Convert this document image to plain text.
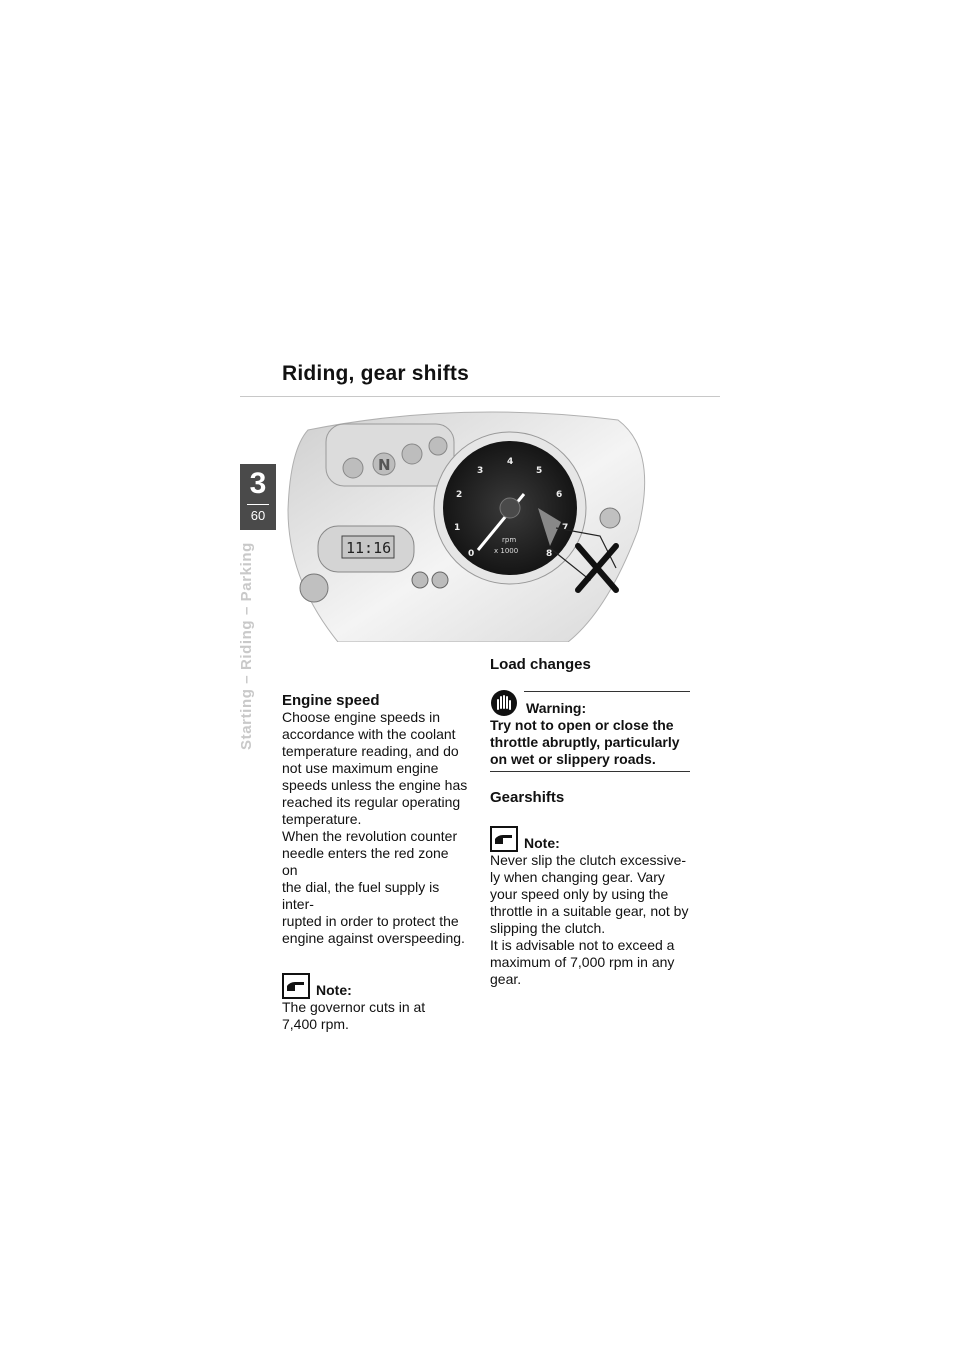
Riding, gear shifts
3
60
Starting – Riding – Parking
N
11:16	0
1
2
3
4
5
6
7
8
rpm
x 1000
Engine speed

Choose engine speeds in

accordance with the coolant

temperature reading, and do

not use maximum engine

speeds unless the engine has

reached its regular operating

temperature.

When the revolution counter

needle enters the red zone on

the dial, the fuel supply is inter-

rupted in order to protect the

engine against overspeeding.

Note:

The governor cuts in at

7,400 rpm.

Load changes
Warning:

Try not to open or close the

throttle abruptly, particularly

on wet or slippery roads.

Gearshifts
Note:

Never slip the clutch excessive-

ly when changing gear. Vary

your speed only by using the

throttle in a suitable gear, not by

slipping the clutch.

It is advisable not to exceed a

maximum of 7,000 rpm in any

gear.
